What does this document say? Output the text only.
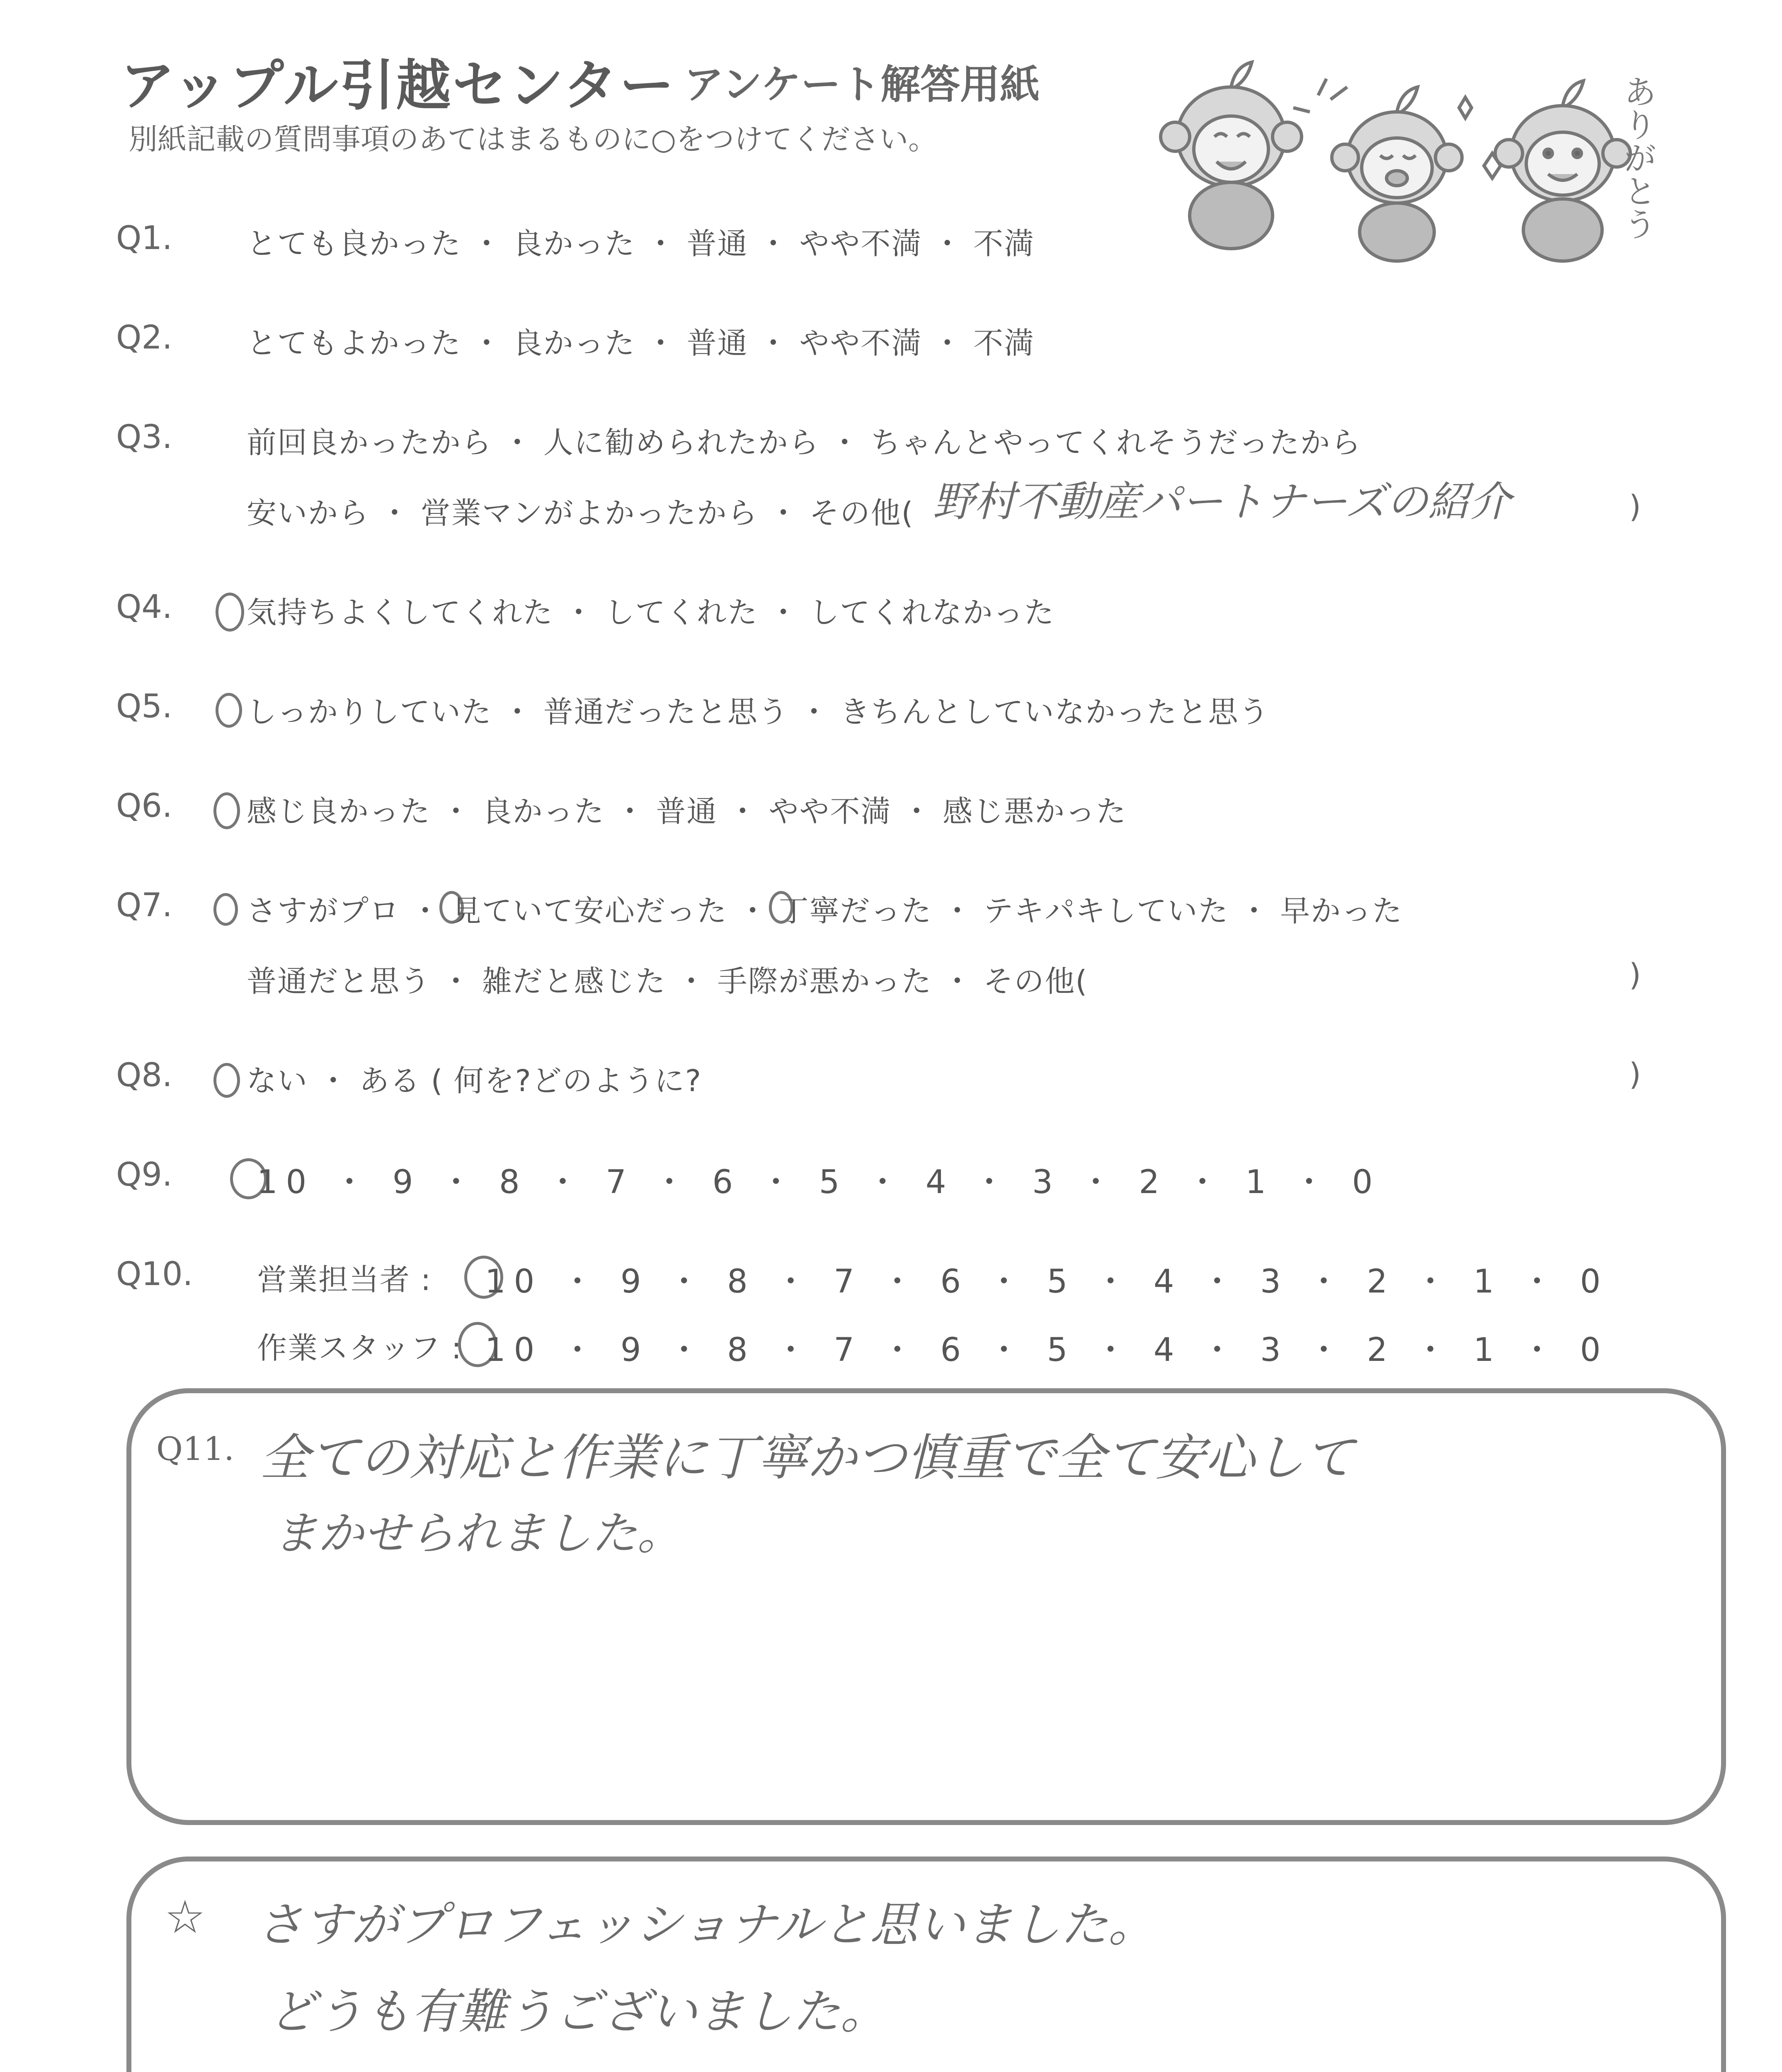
アップル引越センター アンケート解答用紙
別紙記載の質問事項のあてはまるものに○をつけてください。	ありがとう
Q1. とても良かった ・ 良かった ・ 普通 ・ やや不満 ・ 不満
Q2. とてもよかった ・ 良かった ・ 普通 ・ やや不満 ・ 不満
Q3. 前回良かったから ・ 人に勧められたから ・ ちゃんとやってくれそうだったから
安いから ・ 営業マンがよかったから ・ その他( 野村不動産パートナーズの紹介	)
Q4. 気持ちよくしてくれた ・ してくれた ・ してくれなかった
Q5. しっかりしていた ・ 普通だったと思う ・ きちんとしていなかったと思う
Q6. 感じ良かった ・ 良かった ・ 普通 ・ やや不満 ・ 感じ悪かった
Q7. さすがプロ ・ 見ていて安心だった ・ 丁寧だった ・ テキパキしていた ・ 早かった
普通だと思う ・ 雑だと感じた ・ 手際が悪かった ・ その他(	)
Q8. ない ・ ある ( 何を?どのように?	)
Q9.	10 ・ 9 ・ 8 ・ 7 ・ 6 ・ 5 ・ 4 ・ 3 ・ 2 ・ 1 ・ 0
Q10. 営業担当者 : 10 ・ 9 ・ 8 ・ 7 ・ 6 ・ 5 ・ 4 ・ 3 ・ 2 ・ 1 ・ 0
作業スタッフ : 10 ・ 9 ・ 8 ・ 7 ・ 6 ・ 5 ・ 4 ・ 3 ・ 2 ・ 1 ・ 0
Q11. 全ての対応と作業に丁寧かつ慎重で全て安心して
まかせられました。
☆ さすがプロフェッショナルと思いました。
どうも有難うございました。
